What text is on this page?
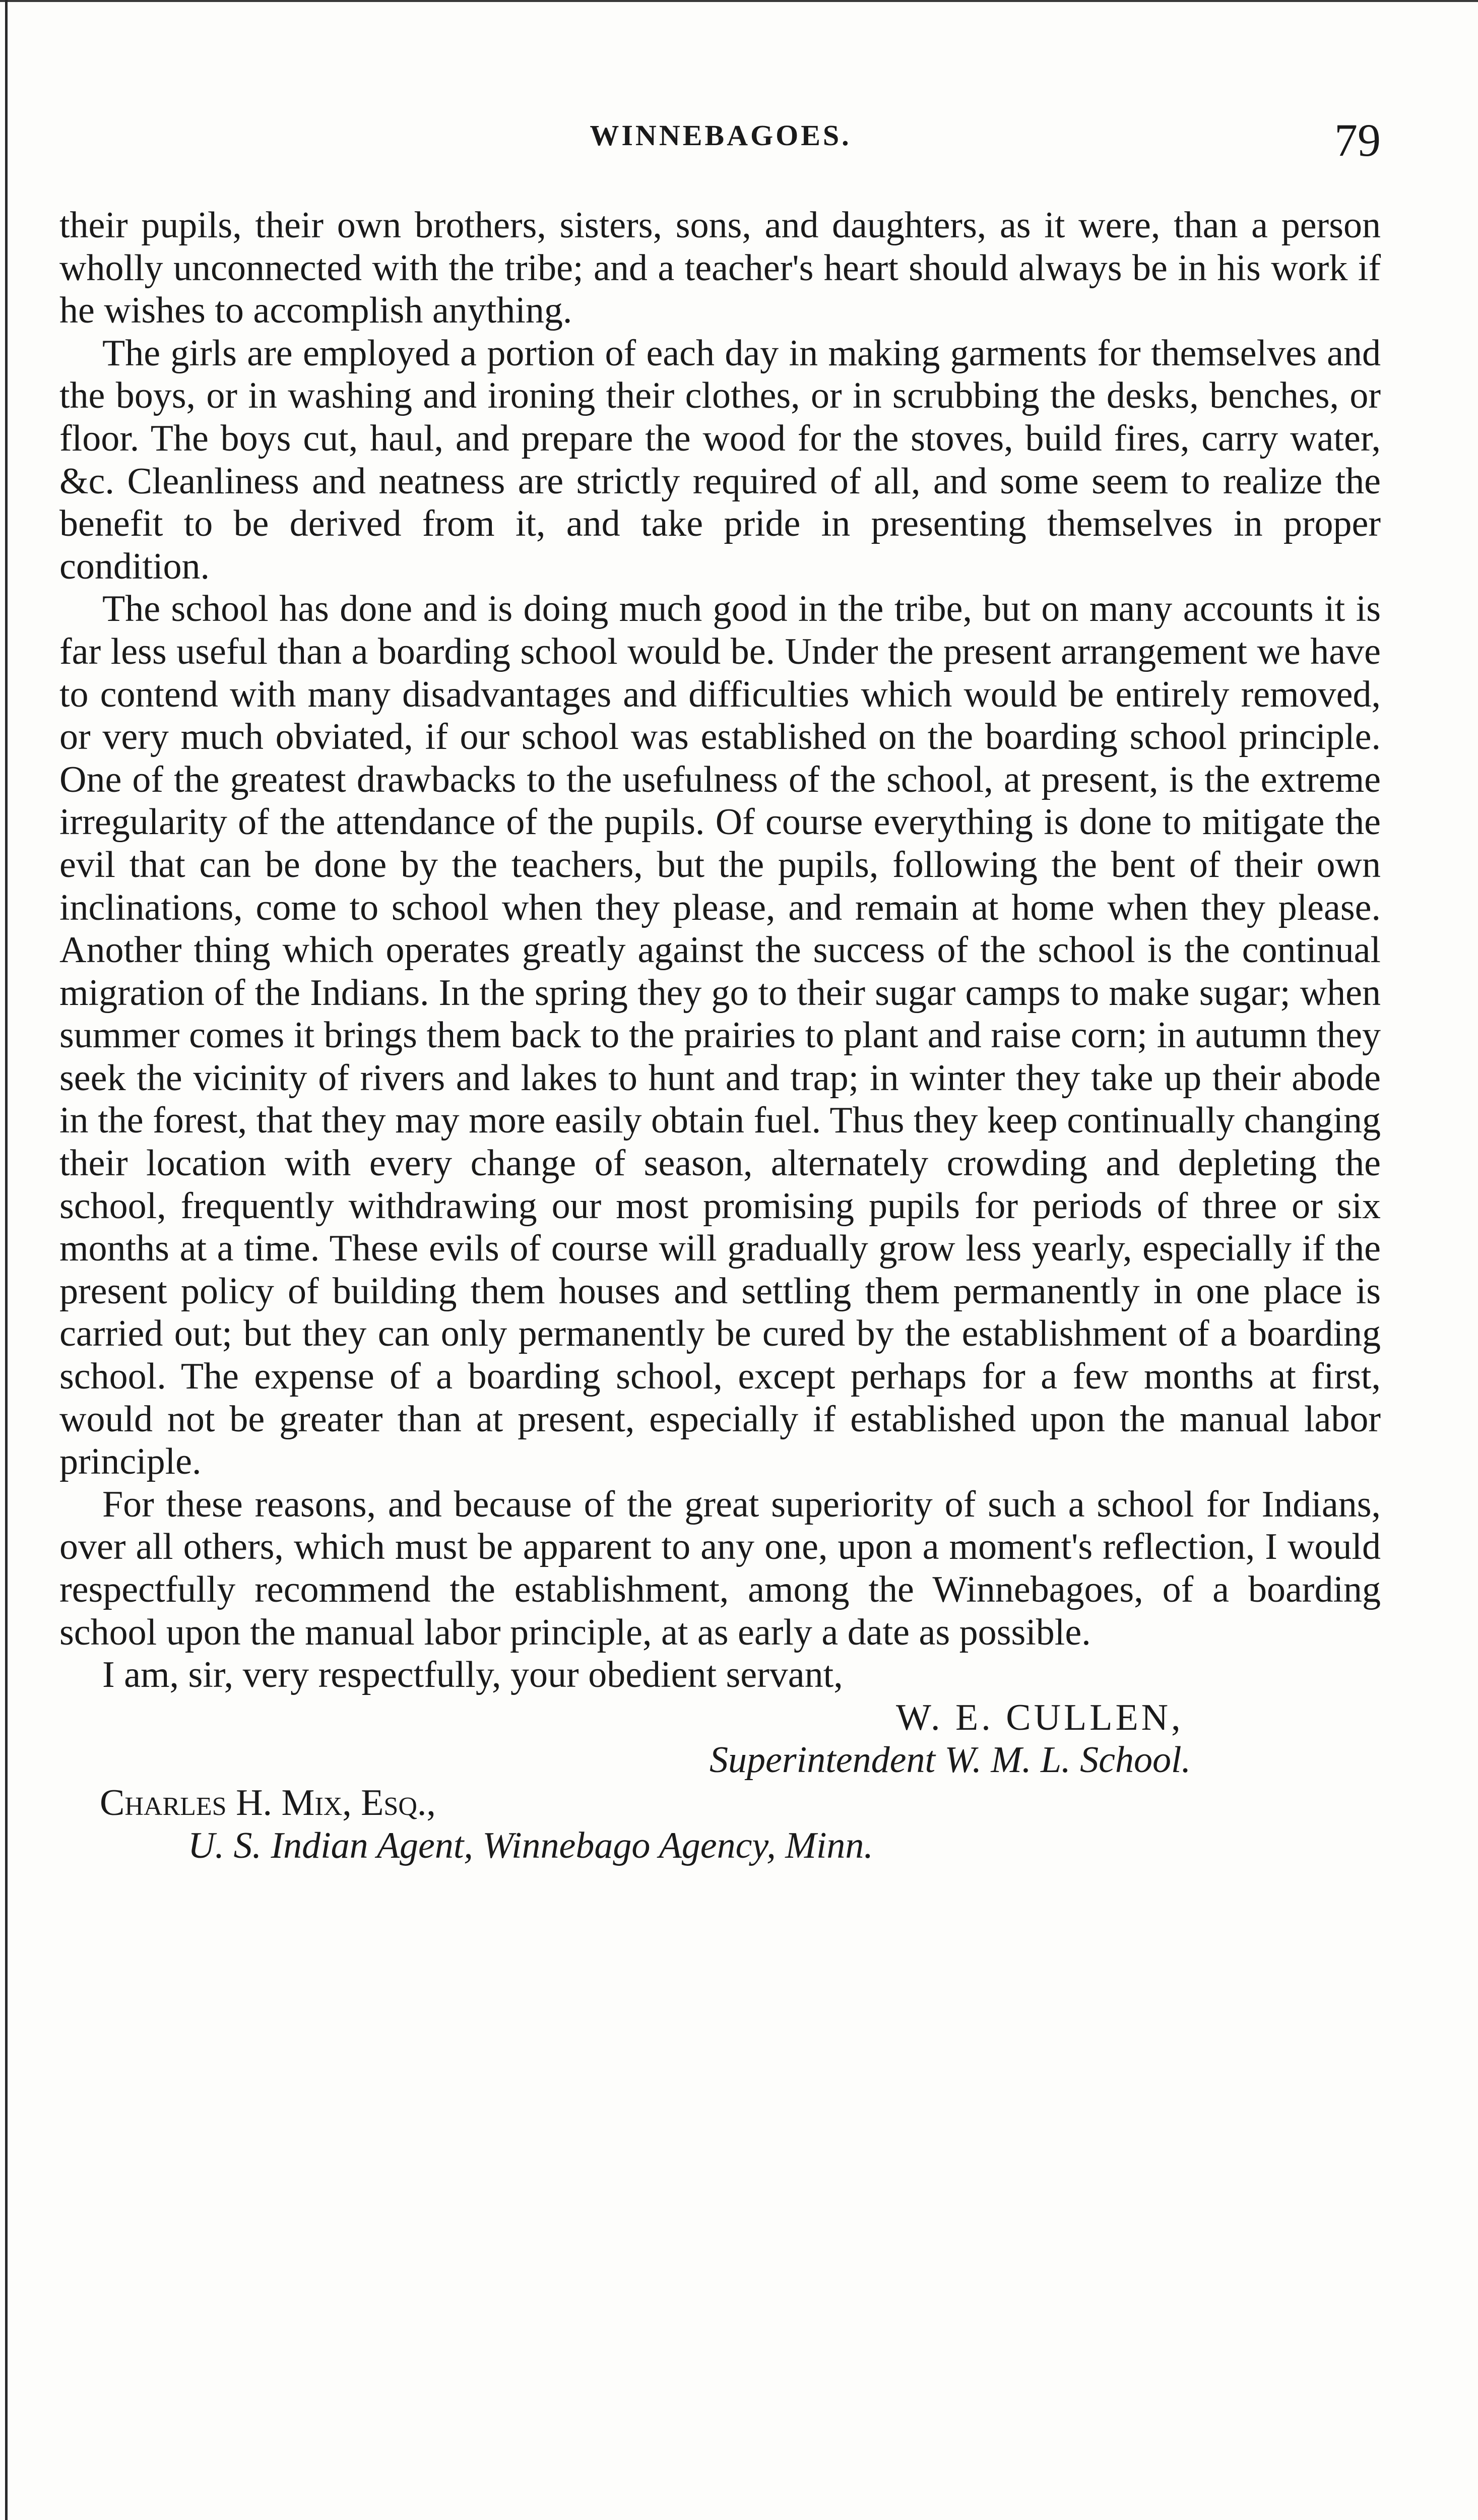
WINNEBAGOES.	79

their pupils, their own brothers, sisters, sons, and daughters, as it were, than a person wholly unconnected with the tribe; and a teacher's heart should always be in his work if he wishes to accomplish anything.

The girls are employed a portion of each day in making garments for themselves and the boys, or in washing and ironing their clothes, or in scrubbing the desks, benches, or floor. The boys cut, haul, and prepare the wood for the stoves, build fires, carry water, &c. Cleanliness and neatness are strictly required of all, and some seem to realize the benefit to be derived from it, and take pride in presenting themselves in proper condition.

The school has done and is doing much good in the tribe, but on many accounts it is far less useful than a boarding school would be. Under the present arrangement we have to contend with many disadvantages and difficulties which would be entirely removed, or very much obviated, if our school was established on the boarding school principle. One of the greatest drawbacks to the usefulness of the school, at present, is the extreme irregularity of the attendance of the pupils. Of course everything is done to mitigate the evil that can be done by the teachers, but the pupils, following the bent of their own inclinations, come to school when they please, and remain at home when they please. Another thing which operates greatly against the success of the school is the continual migration of the Indians. In the spring they go to their sugar camps to make sugar; when summer comes it brings them back to the prairies to plant and raise corn; in autumn they seek the vicinity of rivers and lakes to hunt and trap; in winter they take up their abode in the forest, that they may more easily obtain fuel. Thus they keep continually changing their location with every change of season, alternately crowding and depleting the school, frequently withdrawing our most promising pupils for periods of three or six months at a time. These evils of course will gradually grow less yearly, especially if the present policy of building them houses and settling them permanently in one place is carried out; but they can only permanently be cured by the establishment of a boarding school. The expense of a boarding school, except perhaps for a few months at first, would not be greater than at present, especially if established upon the manual labor principle.

For these reasons, and because of the great superiority of such a school for Indians, over all others, which must be apparent to any one, upon a moment's reflection, I would respectfully recommend the establishment, among the Winnebagoes, of a boarding school upon the manual labor principle, at as early a date as possible.

I am, sir, very respectfully, your obedient servant,

W. E. CULLEN,

Superintendent W. M. L. School.

Charles H. Mix, Esq.,

U. S. Indian Agent, Winnebago Agency, Minn.
